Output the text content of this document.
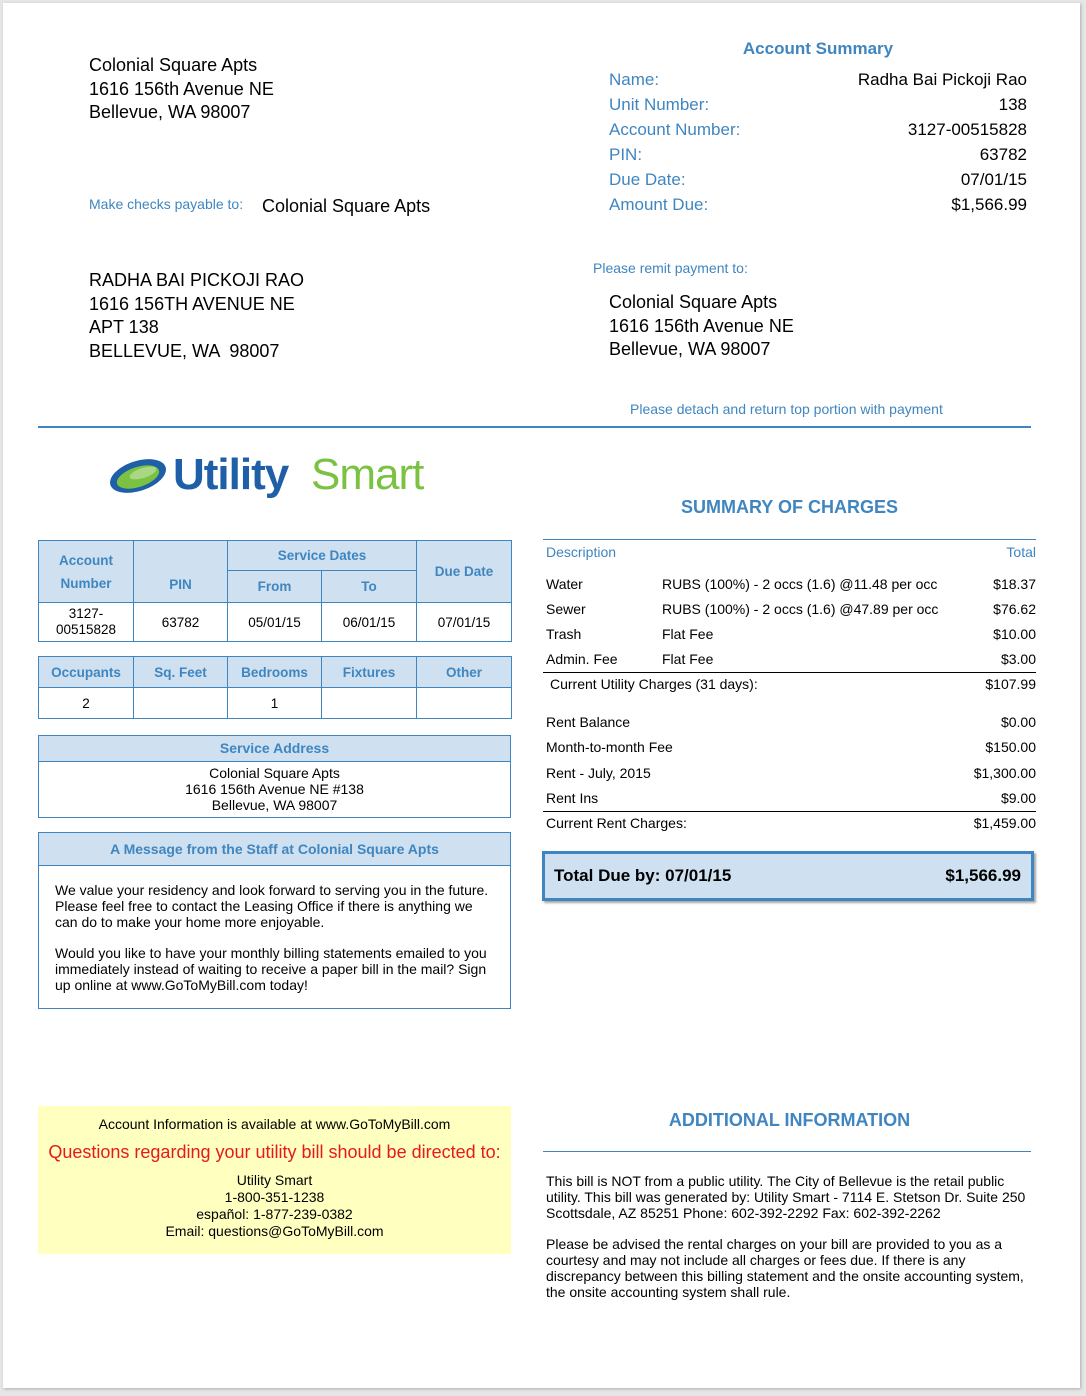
Colonial Square Apts
1616 156th Avenue NE
Bellevue, WA 98007
Make checks payable to: Colonial Square Apts
RADHA BAI PICKOJI RAO
1616 156TH AVENUE NE
APT 138
BELLEVUE, WA  98007
Account Summary
Name:	Radha Bai Pickoji Rao
Unit Number:	138
Account Number:	3127-00515828
PIN:	63782
Due Date:	07/01/15
Amount Due:	$1,566.99
Please remit payment to:
Colonial Square Apts
1616 156th Avenue NE
Bellevue, WA 98007
Please detach and return top portion with payment
Utility Smart
Account Number	PIN	Service Dates		Due Date
		From	To	
3127-00515828	63782	05/01/15	06/01/15	07/01/15
Occupants	Sq. Feet	Bedrooms	Fixtures	Other
2		1		
Service Address
Colonial Square Apts
1616 156th Avenue NE #138
Bellevue, WA 98007
A Message from the Staff at Colonial Square Apts
We value your residency and look forward to serving you in the future. Please feel free to contact the Leasing Office if there is anything we can do to make your home more enjoyable.
Would you like to have your monthly billing statements emailed to you immediately instead of waiting to receive a paper bill in the mail? Sign up online at www.GoToMyBill.com today!
SUMMARY OF CHARGES
Description	Total
Water	RUBS (100%) - 2 occs (1.6) @11.48 per occ	$18.37
Sewer	RUBS (100%) - 2 occs (1.6) @47.89 per occ	$76.62
Trash	Flat Fee	$10.00
Admin. Fee	Flat Fee	$3.00
Current Utility Charges (31 days):	$107.99
Rent Balance	$0.00
Month-to-month Fee	$150.00
Rent - July, 2015	$1,300.00
Rent Ins	$9.00
Current Rent Charges:	$1,459.00
Total Due by: 07/01/15	$1,566.99
Account Information is available at www.GoToMyBill.com
Questions regarding your utility bill should be directed to:
Utility Smart
1-800-351-1238
español: 1-877-239-0382
Email: questions@GoToMyBill.com
ADDITIONAL INFORMATION
This bill is NOT from a public utility. The City of Bellevue is the retail public utility. This bill was generated by: Utility Smart - 7114 E. Stetson Dr. Suite 250 Scottsdale, AZ 85251 Phone: 602-392-2292 Fax: 602-392-2262
Please be advised the rental charges on your bill are provided to you as a courtesy and may not include all charges or fees due. If there is any discrepancy between this billing statement and the onsite accounting system, the onsite accounting system shall rule.
